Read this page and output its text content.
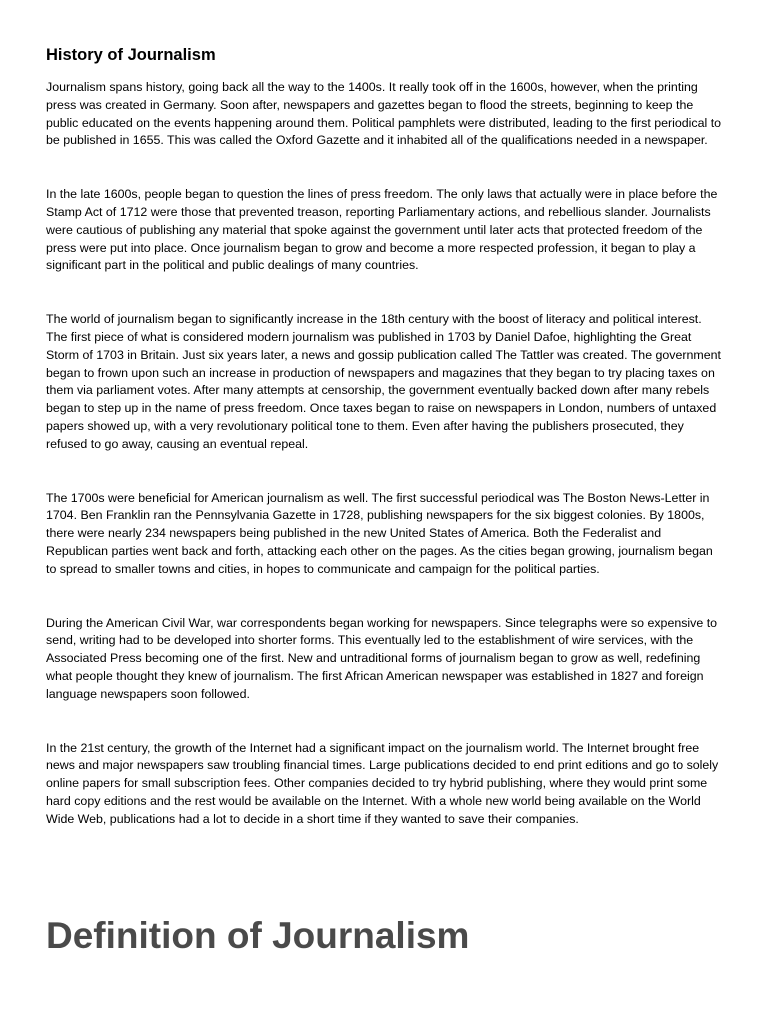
History of Journalism

Journalism spans history, going back all the way to the 1400s. It really took off in the 1600s, however, when the printing press was created in Germany. Soon after, newspapers and gazettes began to flood the streets, beginning to keep the public educated on the events happening around them. Political pamphlets were distributed, leading to the first periodical to be published in 1655. This was called the Oxford Gazette and it inhabited all of the qualifications needed in a newspaper.

In the late 1600s, people began to question the lines of press freedom. The only laws that actually were in place before the Stamp Act of 1712 were those that prevented treason, reporting Parliamentary actions, and rebellious slander. Journalists were cautious of publishing any material that spoke against the government until later acts that protected freedom of the press were put into place. Once journalism began to grow and become a more respected profession, it began to play a significant part in the political and public dealings of many countries.

The world of journalism began to significantly increase in the 18th century with the boost of literacy and political interest. The first piece of what is considered modern journalism was published in 1703 by Daniel Dafoe, highlighting the Great Storm of 1703 in Britain. Just six years later, a news and gossip publication called The Tattler was created. The government began to frown upon such an increase in production of newspapers and magazines that they began to try placing taxes on them via parliament votes. After many attempts at censorship, the government eventually backed down after many rebels began to step up in the name of press freedom. Once taxes began to raise on newspapers in London, numbers of untaxed papers showed up, with a very revolutionary political tone to them. Even after having the publishers prosecuted, they refused to go away, causing an eventual repeal.

The 1700s were beneficial for American journalism as well. The first successful periodical was The Boston News-Letter in 1704. Ben Franklin ran the Pennsylvania Gazette in 1728, publishing newspapers for the six biggest colonies. By 1800s, there were nearly 234 newspapers being published in the new United States of America. Both the Federalist and Republican parties went back and forth, attacking each other on the pages. As the cities began growing, journalism began to spread to smaller towns and cities, in hopes to communicate and campaign for the political parties.

During the American Civil War, war correspondents began working for newspapers. Since telegraphs were so expensive to send, writing had to be developed into shorter forms. This eventually led to the establishment of wire services, with the Associated Press becoming one of the first. New and untraditional forms of journalism began to grow as well, redefining what people thought they knew of journalism. The first African American newspaper was established in 1827 and foreign language newspapers soon followed.

In the 21st century, the growth of the Internet had a significant impact on the journalism world. The Internet brought free news and major newspapers saw troubling financial times. Large publications decided to end print editions and go to solely online papers for small subscription fees. Other companies decided to try hybrid publishing, where they would print some hard copy editions and the rest would be available on the Internet. With a whole new world being available on the World Wide Web, publications had a lot to decide in a short time if they wanted to save their companies.

Definition of Journalism
